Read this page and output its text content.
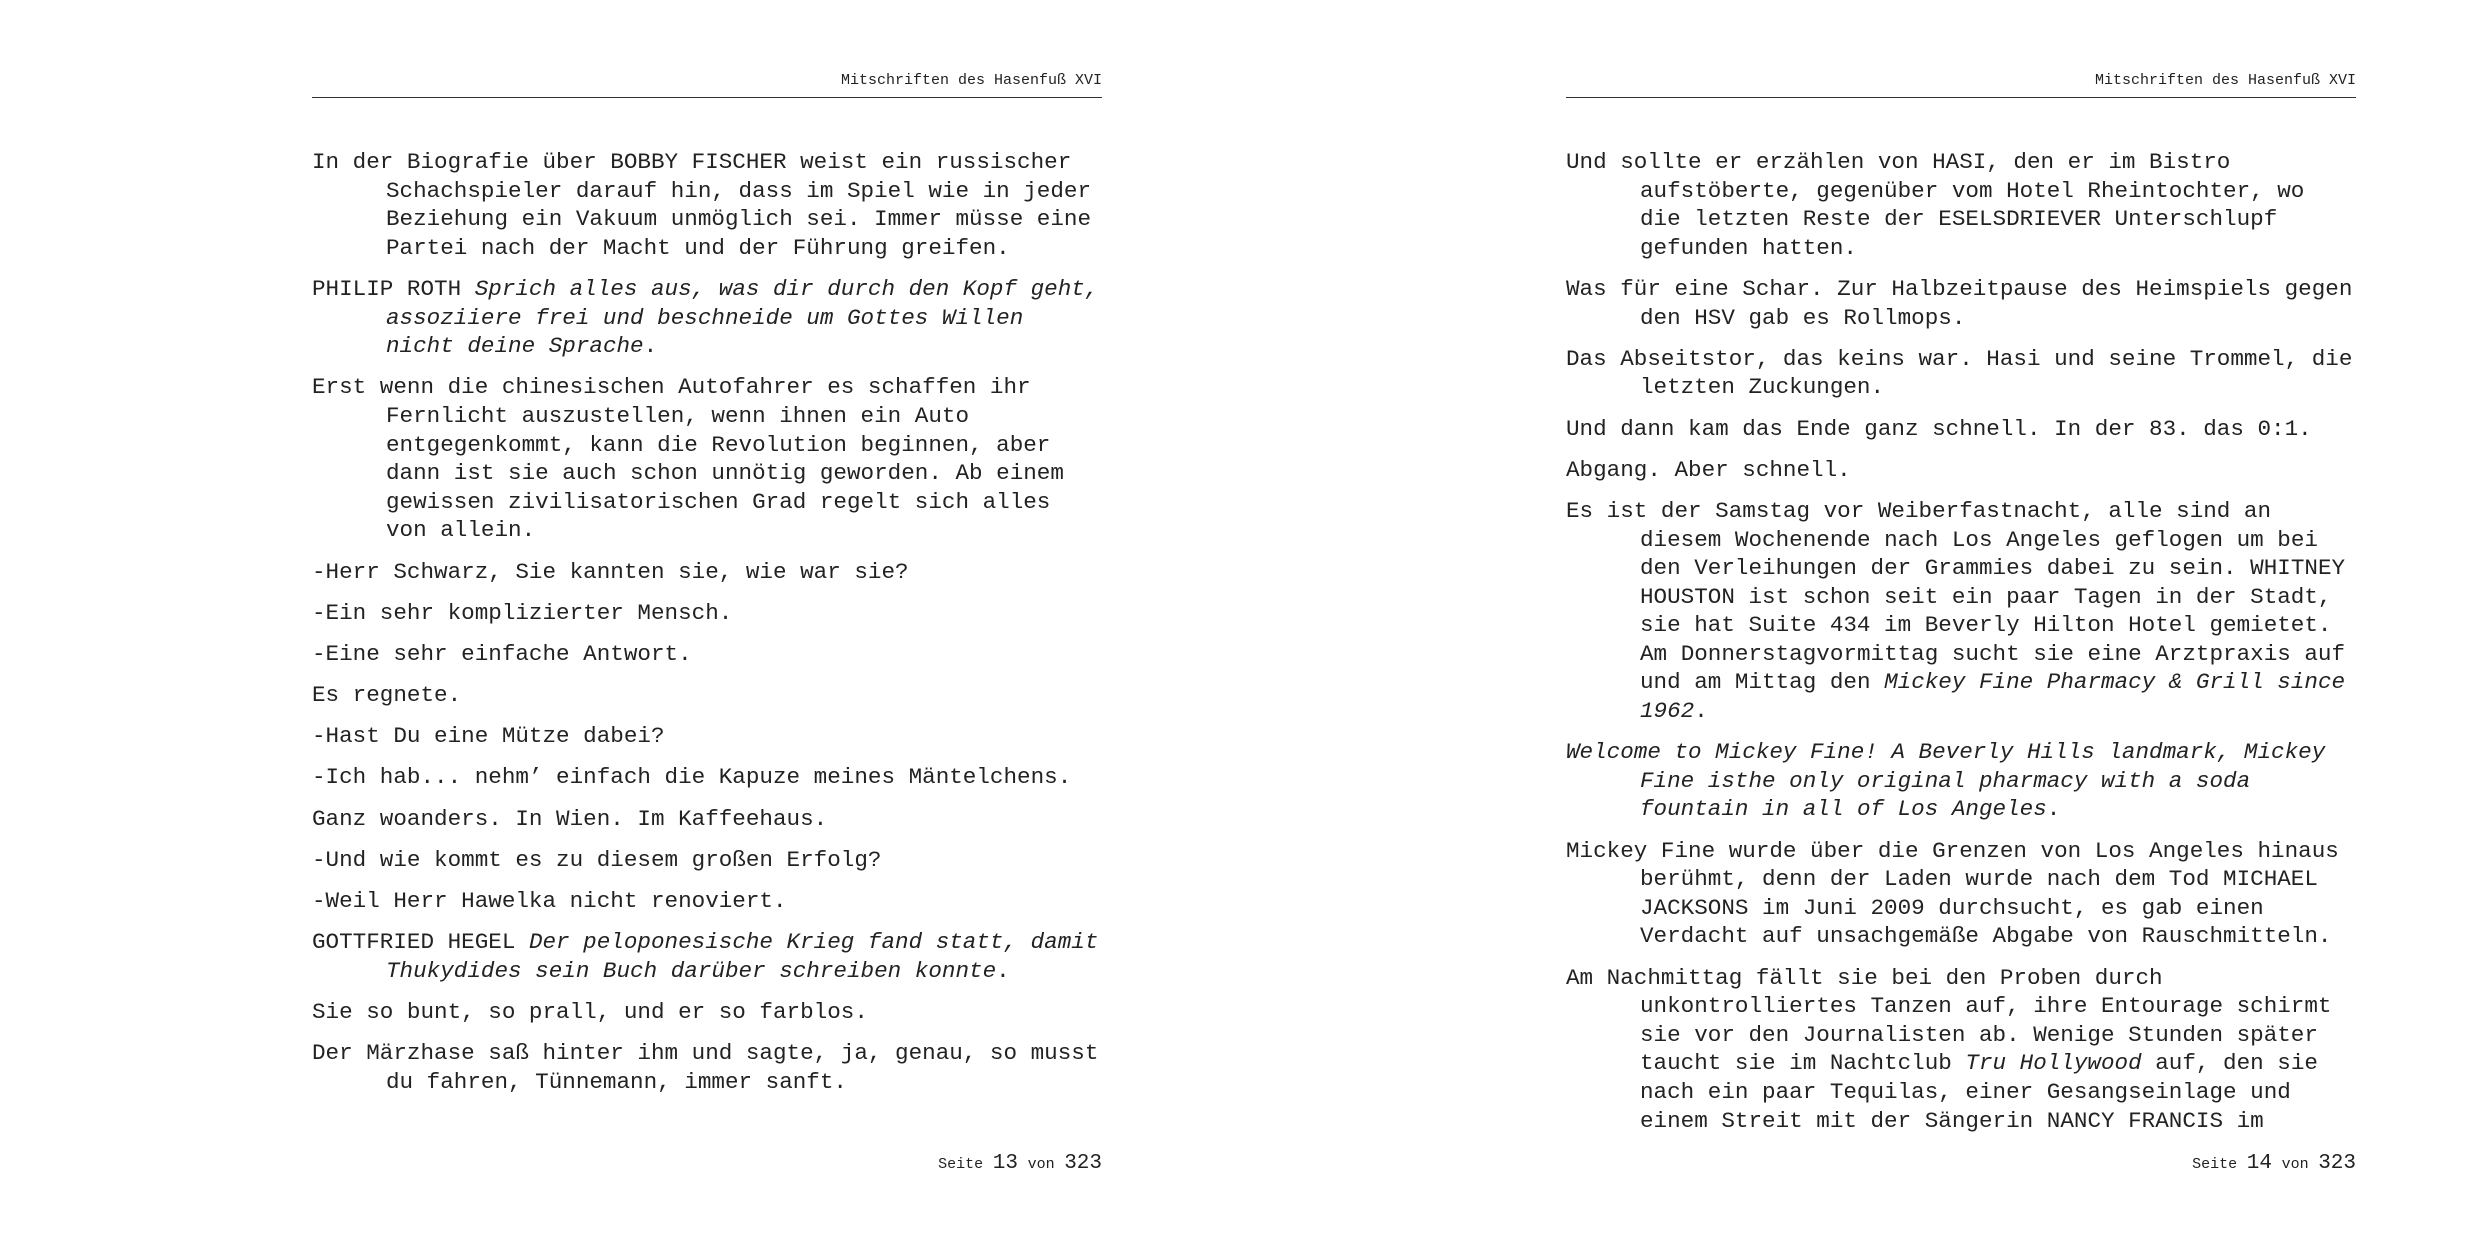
Mitschriften des Hasenfuß XVI

In der Biografie über BOBBY FISCHER weist ein russischer Schachspieler darauf hin, dass im Spiel wie in jeder Beziehung ein Vakuum unmöglich sei. Immer müsse eine Partei nach der Macht und der Führung greifen.

PHILIP ROTH Sprich alles aus, was dir durch den Kopf geht, assoziiere frei und beschneide um Gottes Willen nicht deine Sprache.

Erst wenn die chinesischen Autofahrer es schaffen ihr Fernlicht auszustellen, wenn ihnen ein Auto entgegenkommt, kann die Revolution beginnen, aber dann ist sie auch schon unnötig geworden. Ab einem gewissen zivilisatorischen Grad regelt sich alles von allein.

-Herr Schwarz, Sie kannten sie, wie war sie?

-Ein sehr komplizierter Mensch.

-Eine sehr einfache Antwort.

Es regnete.

-Hast Du eine Mütze dabei?

-Ich hab... nehm’ einfach die Kapuze meines Mäntelchens.

Ganz woanders. In Wien. Im Kaffeehaus.

-Und wie kommt es zu diesem großen Erfolg?

-Weil Herr Hawelka nicht renoviert.

GOTTFRIED HEGEL Der peloponesische Krieg fand statt, damit Thukydides sein Buch darüber schreiben konnte.

Sie so bunt, so prall, und er so farblos.

Der Märzhase saß hinter ihm und sagte, ja, genau, so musst du fahren, Tünnemann, immer sanft.

Seite 13 von 323
Mitschriften des Hasenfuß XVI

Und sollte er erzählen von HASI, den er im Bistro aufstöberte, gegenüber vom Hotel Rheintochter, wo die letzten Reste der ESELSDRIEVER Unterschlupf gefunden hatten.

Was für eine Schar. Zur Halbzeitpause des Heimspiels gegen den HSV gab es Rollmops.

Das Abseitstor, das keins war. Hasi und seine Trommel, die letzten Zuckungen.

Und dann kam das Ende ganz schnell. In der 83. das 0:1.

Abgang. Aber schnell.

Es ist der Samstag vor Weiberfastnacht, alle sind an diesem Wochenende nach Los Angeles geflogen um bei den Verleihungen der Grammies dabei zu sein. WHITNEY HOUSTON ist schon seit ein paar Tagen in der Stadt, sie hat Suite 434 im Beverly Hilton Hotel gemietet. Am Donnerstagvormittag sucht sie eine Arztpraxis auf und am Mittag den Mickey Fine Pharmacy & Grill since 1962.

Welcome to Mickey Fine! A Beverly Hills landmark, Mickey Fine isthe only original pharmacy with a soda fountain in all of Los Angeles.

Mickey Fine wurde über die Grenzen von Los Angeles hinaus berühmt, denn der Laden wurde nach dem Tod MICHAEL JACKSONS im Juni 2009 durchsucht, es gab einen Verdacht auf unsachgemäße Abgabe von Rauschmitteln.

Am Nachmittag fällt sie bei den Proben durch unkontrolliertes Tanzen auf, ihre Entourage schirmt sie vor den Journalisten ab. Wenige Stunden später taucht sie im Nachtclub Tru Hollywood auf, den sie nach ein paar Tequilas, einer Gesangseinlage und einem Streit mit der Sängerin NANCY FRANCIS im

Seite 14 von 323
